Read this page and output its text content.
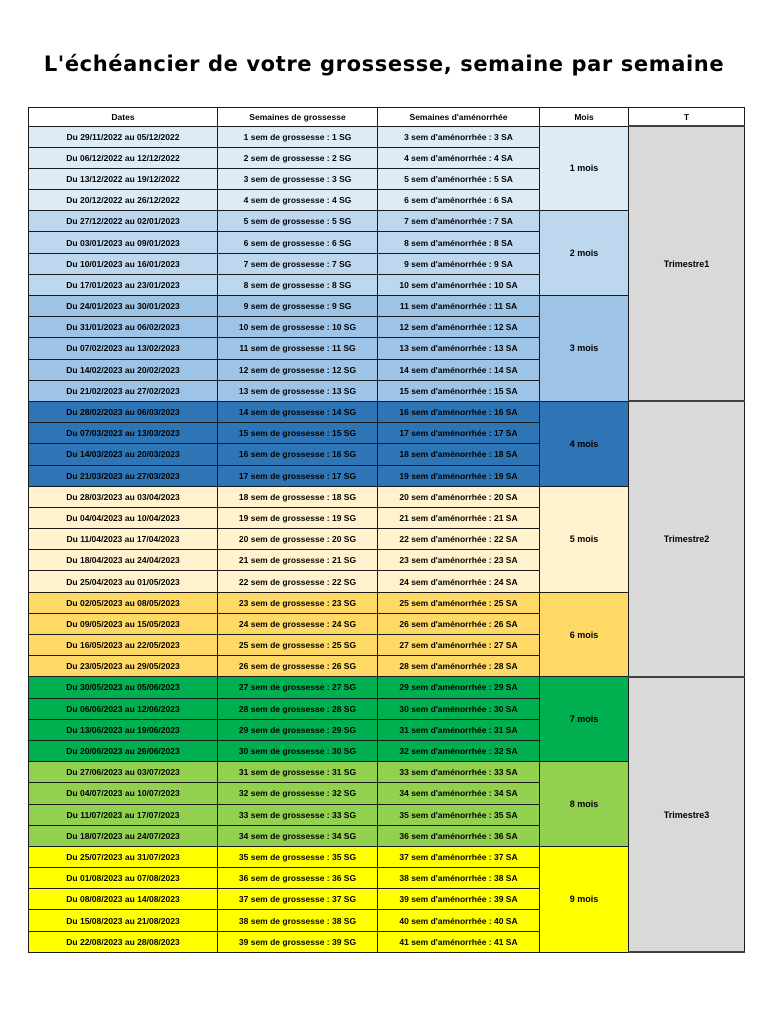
L'échéancier de votre grossesse, semaine par semaine
Dates	Semaines de grossesse	Semaines d'aménorrhée	Mois	T
Du 29/11/2022 au 05/12/2022	1 sem de grossesse : 1 SG	3 sem d'aménorrhée : 3 SA	1 mois	Trimestre1
Du 06/12/2022 au 12/12/2022	2 sem de grossesse : 2 SG	4 sem d'aménorrhée : 4 SA		
Du 13/12/2022 au 19/12/2022	3 sem de grossesse : 3 SG	5 sem d'aménorrhée : 5 SA		
Du 20/12/2022 au 26/12/2022	4 sem de grossesse : 4 SG	6 sem d'aménorrhée : 6 SA		
Du 27/12/2022 au 02/01/2023	5 sem de grossesse : 5 SG	7 sem d'aménorrhée : 7 SA	2 mois	
Du 03/01/2023 au 09/01/2023	6 sem de grossesse : 6 SG	8 sem d'aménorrhée : 8 SA		
Du 10/01/2023 au 16/01/2023	7 sem de grossesse : 7 SG	9 sem d'aménorrhée : 9 SA		
Du 17/01/2023 au 23/01/2023	8 sem de grossesse : 8 SG	10 sem d'aménorrhée : 10 SA		
Du 24/01/2023 au 30/01/2023	9 sem de grossesse : 9 SG	11 sem d'aménorrhée : 11 SA	3 mois	
Du 31/01/2023 au 06/02/2023	10 sem de grossesse : 10 SG	12 sem d'aménorrhée : 12 SA		
Du 07/02/2023 au 13/02/2023	11 sem de grossesse : 11 SG	13 sem d'aménorrhée : 13 SA		
Du 14/02/2023 au 20/02/2023	12 sem de grossesse : 12 SG	14 sem d'aménorrhée : 14 SA		
Du 21/02/2023 au 27/02/2023	13 sem de grossesse : 13 SG	15 sem d'aménorrhée : 15 SA		
Du 28/02/2023 au 06/03/2023	14 sem de grossesse : 14 SG	16 sem d'aménorrhée : 16 SA	4 mois	Trimestre2
Du 07/03/2023 au 13/03/2023	15 sem de grossesse : 15 SG	17 sem d'aménorrhée : 17 SA		
Du 14/03/2023 au 20/03/2023	16 sem de grossesse : 16 SG	18 sem d'aménorrhée : 18 SA		
Du 21/03/2023 au 27/03/2023	17 sem de grossesse : 17 SG	19 sem d'aménorrhée : 19 SA		
Du 28/03/2023 au 03/04/2023	18 sem de grossesse : 18 SG	20 sem d'aménorrhée : 20 SA	5 mois	
Du 04/04/2023 au 10/04/2023	19 sem de grossesse : 19 SG	21 sem d'aménorrhée : 21 SA		
Du 11/04/2023 au 17/04/2023	20 sem de grossesse : 20 SG	22 sem d'aménorrhée : 22 SA		
Du 18/04/2023 au 24/04/2023	21 sem de grossesse : 21 SG	23 sem d'aménorrhée : 23 SA		
Du 25/04/2023 au 01/05/2023	22 sem de grossesse : 22 SG	24 sem d'aménorrhée : 24 SA		
Du 02/05/2023 au 08/05/2023	23 sem de grossesse : 23 SG	25 sem d'aménorrhée : 25 SA	6 mois	
Du 09/05/2023 au 15/05/2023	24 sem de grossesse : 24 SG	26 sem d'aménorrhée : 26 SA		
Du 16/05/2023 au 22/05/2023	25 sem de grossesse : 25 SG	27 sem d'aménorrhée : 27 SA		
Du 23/05/2023 au 29/05/2023	26 sem de grossesse : 26 SG	28 sem d'aménorrhée : 28 SA		
Du 30/05/2023 au 05/06/2023	27 sem de grossesse : 27 SG	29 sem d'aménorrhée : 29 SA	7 mois	Trimestre3
Du 06/06/2023 au 12/06/2023	28 sem de grossesse : 28 SG	30 sem d'aménorrhée : 30 SA		
Du 13/06/2023 au 19/06/2023	29 sem de grossesse : 29 SG	31 sem d'aménorrhée : 31 SA		
Du 20/06/2023 au 26/06/2023	30 sem de grossesse : 30 SG	32 sem d'aménorrhée : 32 SA		
Du 27/06/2023 au 03/07/2023	31 sem de grossesse : 31 SG	33 sem d'aménorrhée : 33 SA	8 mois	
Du 04/07/2023 au 10/07/2023	32 sem de grossesse : 32 SG	34 sem d'aménorrhée : 34 SA		
Du 11/07/2023 au 17/07/2023	33 sem de grossesse : 33 SG	35 sem d'aménorrhée : 35 SA		
Du 18/07/2023 au 24/07/2023	34 sem de grossesse : 34 SG	36 sem d'aménorrhée : 36 SA		
Du 25/07/2023 au 31/07/2023	35 sem de grossesse : 35 SG	37 sem d'aménorrhée : 37 SA	9 mois	
Du 01/08/2023 au 07/08/2023	36 sem de grossesse : 36 SG	38 sem d'aménorrhée : 38 SA		
Du 08/08/2023 au 14/08/2023	37 sem de grossesse : 37 SG	39 sem d'aménorrhée : 39 SA		
Du 15/08/2023 au 21/08/2023	38 sem de grossesse : 38 SG	40 sem d'aménorrhée : 40 SA		
Du 22/08/2023 au 28/08/2023	39 sem de grossesse : 39 SG	41 sem d'aménorrhée : 41 SA		
